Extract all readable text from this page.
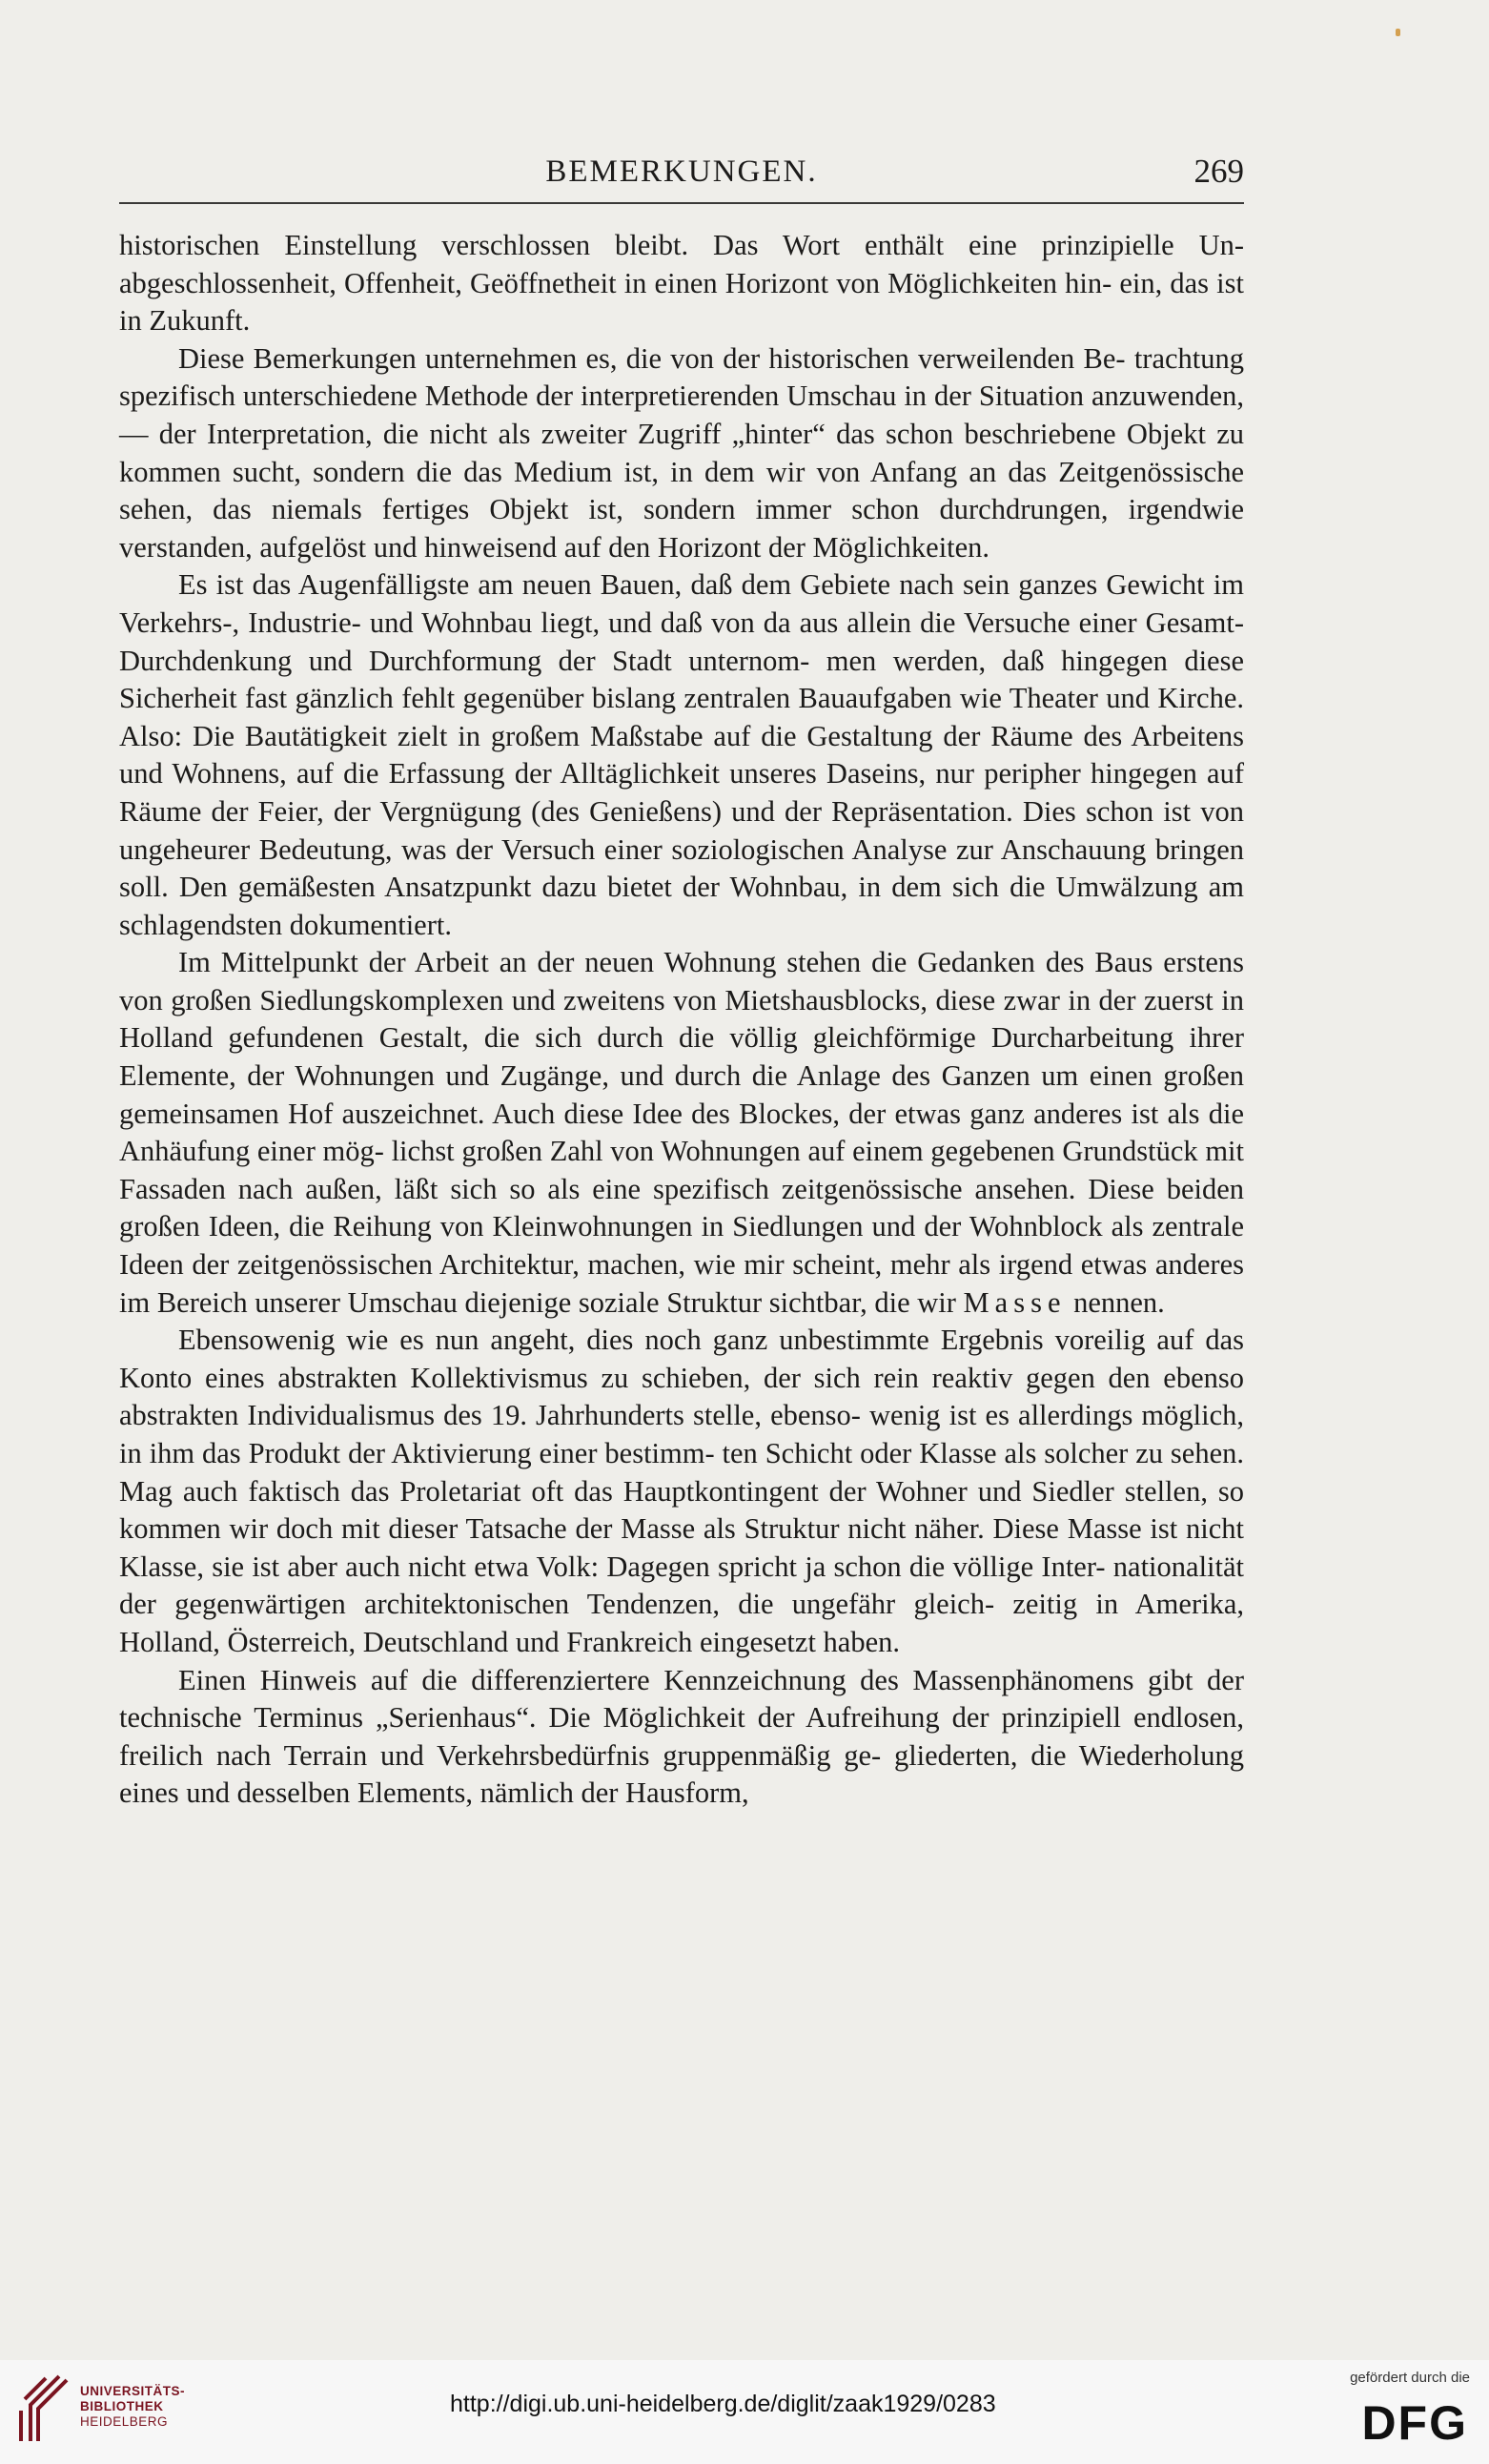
BEMERKUNGEN.	269

historischen Einstellung verschlossen bleibt. Das Wort enthält eine prinzipielle Un- abgeschlossenheit, Offenheit, Geöffnetheit in einen Horizont von Möglichkeiten hin- ein, das ist in Zukunft.

Diese Bemerkungen unternehmen es, die von der historischen verweilenden Be- trachtung spezifisch unterschiedene Methode der interpretierenden Umschau in der Situation anzuwenden, — der Interpretation, die nicht als zweiter Zugriff „hinter“ das schon beschriebene Objekt zu kommen sucht, sondern die das Medium ist, in dem wir von Anfang an das Zeitgenössische sehen, das niemals fertiges Objekt ist, sondern immer schon durchdrungen, irgendwie verstanden, aufgelöst und hinweisend auf den Horizont der Möglichkeiten.

Es ist das Augenfälligste am neuen Bauen, daß dem Gebiete nach sein ganzes Gewicht im Verkehrs-, Industrie- und Wohnbau liegt, und daß von da aus allein die Versuche einer Gesamt-Durchdenkung und Durchformung der Stadt unternom- men werden, daß hingegen diese Sicherheit fast gänzlich fehlt gegenüber bislang zentralen Bauaufgaben wie Theater und Kirche. Also: Die Bautätigkeit zielt in großem Maßstabe auf die Gestaltung der Räume des Arbeitens und Wohnens, auf die Erfassung der Alltäglichkeit unseres Daseins, nur peripher hingegen auf Räume der Feier, der Vergnügung (des Genießens) und der Repräsentation. Dies schon ist von ungeheurer Bedeutung, was der Versuch einer soziologischen Analyse zur Anschauung bringen soll. Den gemäßesten Ansatzpunkt dazu bietet der Wohnbau, in dem sich die Umwälzung am schlagendsten dokumentiert.

Im Mittelpunkt der Arbeit an der neuen Wohnung stehen die Gedanken des Baus erstens von großen Siedlungskomplexen und zweitens von Mietshausblocks, diese zwar in der zuerst in Holland gefundenen Gestalt, die sich durch die völlig gleichförmige Durcharbeitung ihrer Elemente, der Wohnungen und Zugänge, und durch die Anlage des Ganzen um einen großen gemeinsamen Hof auszeichnet. Auch diese Idee des Blockes, der etwas ganz anderes ist als die Anhäufung einer mög- lichst großen Zahl von Wohnungen auf einem gegebenen Grundstück mit Fassaden nach außen, läßt sich so als eine spezifisch zeitgenössische ansehen. Diese beiden großen Ideen, die Reihung von Kleinwohnungen in Siedlungen und der Wohnblock als zentrale Ideen der zeitgenössischen Architektur, machen, wie mir scheint, mehr als irgend etwas anderes im Bereich unserer Umschau diejenige soziale Struktur sichtbar, die wir Masse nennen.

Ebensowenig wie es nun angeht, dies noch ganz unbestimmte Ergebnis voreilig auf das Konto eines abstrakten Kollektivismus zu schieben, der sich rein reaktiv gegen den ebenso abstrakten Individualismus des 19. Jahrhunderts stelle, ebenso- wenig ist es allerdings möglich, in ihm das Produkt der Aktivierung einer bestimm- ten Schicht oder Klasse als solcher zu sehen. Mag auch faktisch das Proletariat oft das Hauptkontingent der Wohner und Siedler stellen, so kommen wir doch mit dieser Tatsache der Masse als Struktur nicht näher. Diese Masse ist nicht Klasse, sie ist aber auch nicht etwa Volk: Dagegen spricht ja schon die völlige Inter- nationalität der gegenwärtigen architektonischen Tendenzen, die ungefähr gleich- zeitig in Amerika, Holland, Österreich, Deutschland und Frankreich eingesetzt haben.

Einen Hinweis auf die differenziertere Kennzeichnung des Massenphänomens gibt der technische Terminus „Serienhaus“. Die Möglichkeit der Aufreihung der prinzipiell endlosen, freilich nach Terrain und Verkehrsbedürfnis gruppenmäßig ge- gliederten, die Wiederholung eines und desselben Elements, nämlich der Hausform,

UNIVERSITÄTS-
BIBLIOTHEK
HEIDELBERG
http://digi.ub.uni-heidelberg.de/diglit/zaak1929/0283
gefördert durch die
DFG
